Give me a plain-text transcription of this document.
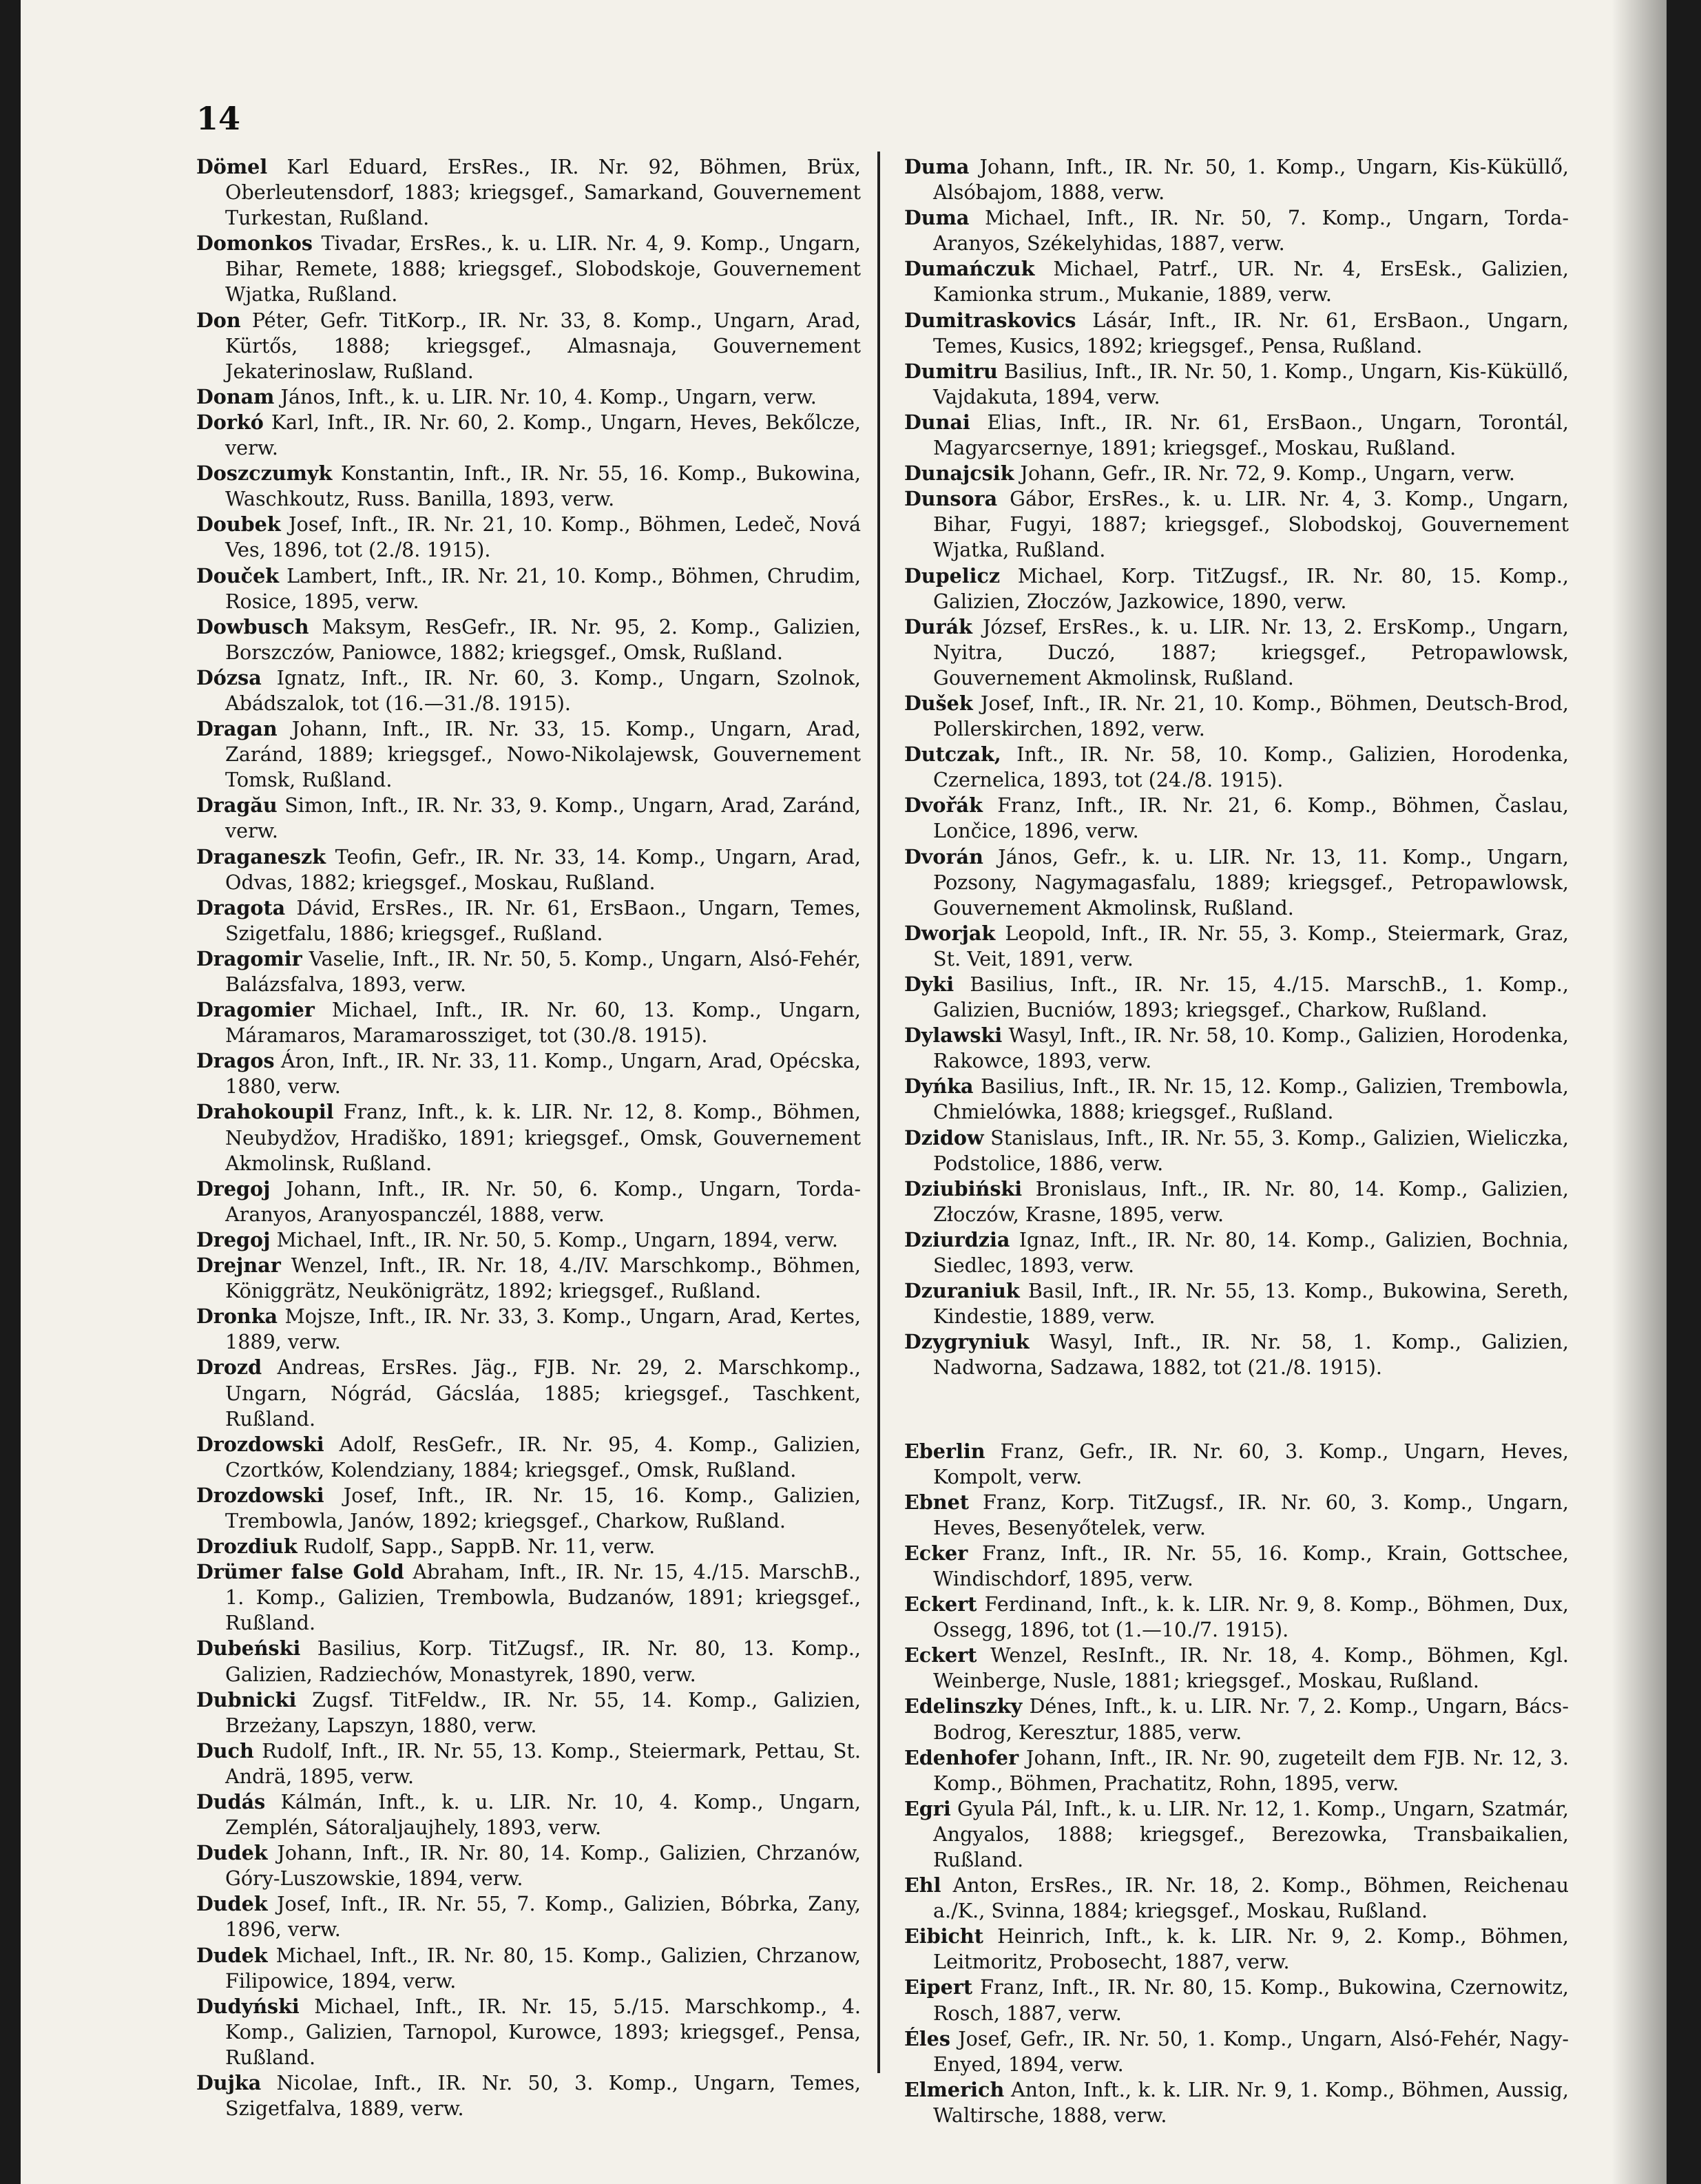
14

Dömel Karl Eduard, ErsRes., IR. Nr. 92, Böhmen, Brüx, Oberleutensdorf, 1883; kriegsgef., Samarkand, Gouvernement Turkestan, Rußland.

Domonkos Tivadar, ErsRes., k. u. LIR. Nr. 4, 9. Komp., Ungarn, Bihar, Remete, 1888; kriegsgef., Slobodskoje, Gouvernement Wjatka, Rußland.

Don Péter, Gefr. TitKorp., IR. Nr. 33, 8. Komp., Ungarn, Arad, Kürtős, 1888; kriegsgef., Almasnaja, Gouvernement Jekaterinoslaw, Rußland.

Donam János, Inft., k. u. LIR. Nr. 10, 4. Komp., Ungarn, verw.

Dorkó Karl, Inft., IR. Nr. 60, 2. Komp., Ungarn, Heves, Bekőlcze, verw.

Doszczumyk Konstantin, Inft., IR. Nr. 55, 16. Komp., Bukowina, Waschkoutz, Russ. Banilla, 1893, verw.

Doubek Josef, Inft., IR. Nr. 21, 10. Komp., Böhmen, Ledeč, Nová Ves, 1896, tot (2./8. 1915).

Douček Lambert, Inft., IR. Nr. 21, 10. Komp., Böhmen, Chrudim, Rosice, 1895, verw.

Dowbusch Maksym, ResGefr., IR. Nr. 95, 2. Komp., Galizien, Borszczów, Paniowce, 1882; kriegsgef., Omsk, Rußland.

Dózsa Ignatz, Inft., IR. Nr. 60, 3. Komp., Ungarn, Szolnok, Abádszalok, tot (16.—31./8. 1915).

Dragan Johann, Inft., IR. Nr. 33, 15. Komp., Ungarn, Arad, Zaránd, 1889; kriegsgef., Nowo-Nikolajewsk, Gouvernement Tomsk, Rußland.

Dragău Simon, Inft., IR. Nr. 33, 9. Komp., Ungarn, Arad, Zaránd, verw.

Draganeszk Teofin, Gefr., IR. Nr. 33, 14. Komp., Ungarn, Arad, Odvas, 1882; kriegsgef., Moskau, Rußland.

Dragota Dávid, ErsRes., IR. Nr. 61, ErsBaon., Ungarn, Temes, Szigetfalu, 1886; kriegsgef., Rußland.

Dragomir Vaselie, Inft., IR. Nr. 50, 5. Komp., Ungarn, Alsó-Fehér, Balázsfalva, 1893, verw.

Dragomier Michael, Inft., IR. Nr. 60, 13. Komp., Ungarn, Máramaros, Maramarossziget, tot (30./8. 1915).

Dragos Áron, Inft., IR. Nr. 33, 11. Komp., Ungarn, Arad, Opécska, 1880, verw.

Drahokoupil Franz, Inft., k. k. LIR. Nr. 12, 8. Komp., Böhmen, Neubydžov, Hradiško, 1891; kriegsgef., Omsk, Gouvernement Akmolinsk, Rußland.

Dregoj Johann, Inft., IR. Nr. 50, 6. Komp., Ungarn, Torda-Aranyos, Aranyospanczél, 1888, verw.

Dregoj Michael, Inft., IR. Nr. 50, 5. Komp., Ungarn, 1894, verw.

Drejnar Wenzel, Inft., IR. Nr. 18, 4./IV. Marschkomp., Böhmen, Königgrätz, Neukönigrätz, 1892; kriegsgef., Rußland.

Dronka Mojsze, Inft., IR. Nr. 33, 3. Komp., Ungarn, Arad, Kertes, 1889, verw.

Drozd Andreas, ErsRes. Jäg., FJB. Nr. 29, 2. Marschkomp., Ungarn, Nógrád, Gácsláa, 1885; kriegsgef., Taschkent, Rußland.

Drozdowski Adolf, ResGefr., IR. Nr. 95, 4. Komp., Galizien, Czortków, Kolendziany, 1884; kriegsgef., Omsk, Rußland.

Drozdowski Josef, Inft., IR. Nr. 15, 16. Komp., Galizien, Trembowla, Janów, 1892; kriegsgef., Charkow, Rußland.

Drozdiuk Rudolf, Sapp., SappB. Nr. 11, verw.

Drümer false Gold Abraham, Inft., IR. Nr. 15, 4./15. MarschB., 1. Komp., Galizien, Trembowla, Budzanów, 1891; kriegsgef., Rußland.

Dubeński Basilius, Korp. TitZugsf., IR. Nr. 80, 13. Komp., Galizien, Radziechów, Monastyrek, 1890, verw.

Dubnicki Zugsf. TitFeldw., IR. Nr. 55, 14. Komp., Galizien, Brzeżany, Lapszyn, 1880, verw.

Duch Rudolf, Inft., IR. Nr. 55, 13. Komp., Steiermark, Pettau, St. Andrä, 1895, verw.

Dudás Kálmán, Inft., k. u. LIR. Nr. 10, 4. Komp., Ungarn, Zemplén, Sátoraljaujhely, 1893, verw.

Dudek Johann, Inft., IR. Nr. 80, 14. Komp., Galizien, Chrzanów, Góry-Luszowskie, 1894, verw.

Dudek Josef, Inft., IR. Nr. 55, 7. Komp., Galizien, Bóbrka, Zany, 1896, verw.

Dudek Michael, Inft., IR. Nr. 80, 15. Komp., Galizien, Chrzanow, Filipowice, 1894, verw.

Dudyński Michael, Inft., IR. Nr. 15, 5./15. Marschkomp., 4. Komp., Galizien, Tarnopol, Kurowce, 1893; kriegsgef., Pensa, Rußland.

Dujka Nicolae, Inft., IR. Nr. 50, 3. Komp., Ungarn, Temes, Szigetfalva, 1889, verw.

Duma Johann, Inft., IR. Nr. 50, 1. Komp., Ungarn, Kis-Küküllő, Alsóbajom, 1888, verw.

Duma Michael, Inft., IR. Nr. 50, 7. Komp., Ungarn, Torda-Aranyos, Székelyhidas, 1887, verw.

Dumańczuk Michael, Patrf., UR. Nr. 4, ErsEsk., Galizien, Kamionka strum., Mukanie, 1889, verw.

Dumitraskovics Lásár, Inft., IR. Nr. 61, ErsBaon., Ungarn, Temes, Kusics, 1892; kriegsgef., Pensa, Rußland.

Dumitru Basilius, Inft., IR. Nr. 50, 1. Komp., Ungarn, Kis-Küküllő, Vajdakuta, 1894, verw.

Dunai Elias, Inft., IR. Nr. 61, ErsBaon., Ungarn, Torontál, Magyarcsernye, 1891; kriegsgef., Moskau, Rußland.

Dunajcsik Johann, Gefr., IR. Nr. 72, 9. Komp., Ungarn, verw.

Dunsora Gábor, ErsRes., k. u. LIR. Nr. 4, 3. Komp., Ungarn, Bihar, Fugyi, 1887; kriegsgef., Slobodskoj, Gouvernement Wjatka, Rußland.

Dupelicz Michael, Korp. TitZugsf., IR. Nr. 80, 15. Komp., Galizien, Złoczów, Jazkowice, 1890, verw.

Durák József, ErsRes., k. u. LIR. Nr. 13, 2. ErsKomp., Ungarn, Nyitra, Duczó, 1887; kriegsgef., Petropawlowsk, Gouvernement Akmolinsk, Rußland.

Dušek Josef, Inft., IR. Nr. 21, 10. Komp., Böhmen, Deutsch-Brod, Pollerskirchen, 1892, verw.

Dutczak, Inft., IR. Nr. 58, 10. Komp., Galizien, Horodenka, Czernelica, 1893, tot (24./8. 1915).

Dvořák Franz, Inft., IR. Nr. 21, 6. Komp., Böhmen, Časlau, Lončice, 1896, verw.

Dvorán János, Gefr., k. u. LIR. Nr. 13, 11. Komp., Ungarn, Pozsony, Nagymagasfalu, 1889; kriegsgef., Petropawlowsk, Gouvernement Akmolinsk, Rußland.

Dworjak Leopold, Inft., IR. Nr. 55, 3. Komp., Steiermark, Graz, St. Veit, 1891, verw.

Dyki Basilius, Inft., IR. Nr. 15, 4./15. MarschB., 1. Komp., Galizien, Bucniów, 1893; kriegsgef., Charkow, Rußland.

Dylawski Wasyl, Inft., IR. Nr. 58, 10. Komp., Galizien, Horodenka, Rakowce, 1893, verw.

Dyńka Basilius, Inft., IR. Nr. 15, 12. Komp., Galizien, Trembowla, Chmielówka, 1888; kriegsgef., Rußland.

Dzidow Stanislaus, Inft., IR. Nr. 55, 3. Komp., Galizien, Wieliczka, Podstolice, 1886, verw.

Dziubiński Bronislaus, Inft., IR. Nr. 80, 14. Komp., Galizien, Złoczów, Krasne, 1895, verw.

Dziurdzia Ignaz, Inft., IR. Nr. 80, 14. Komp., Galizien, Bochnia, Siedlec, 1893, verw.

Dzuraniuk Basil, Inft., IR. Nr. 55, 13. Komp., Bukowina, Sereth, Kindestie, 1889, verw.

Dzygryniuk Wasyl, Inft., IR. Nr. 58, 1. Komp., Galizien, Nadworna, Sadzawa, 1882, tot (21./8. 1915).

Eberlin Franz, Gefr., IR. Nr. 60, 3. Komp., Ungarn, Heves, Kompolt, verw.

Ebnet Franz, Korp. TitZugsf., IR. Nr. 60, 3. Komp., Ungarn, Heves, Besenyőtelek, verw.

Ecker Franz, Inft., IR. Nr. 55, 16. Komp., Krain, Gottschee, Windischdorf, 1895, verw.

Eckert Ferdinand, Inft., k. k. LIR. Nr. 9, 8. Komp., Böhmen, Dux, Ossegg, 1896, tot (1.—10./7. 1915).

Eckert Wenzel, ResInft., IR. Nr. 18, 4. Komp., Böhmen, Kgl. Weinberge, Nusle, 1881; kriegsgef., Moskau, Rußland.

Edelinszky Dénes, Inft., k. u. LIR. Nr. 7, 2. Komp., Ungarn, Bács-Bodrog, Keresztur, 1885, verw.

Edenhofer Johann, Inft., IR. Nr. 90, zugeteilt dem FJB. Nr. 12, 3. Komp., Böhmen, Prachatitz, Rohn, 1895, verw.

Egri Gyula Pál, Inft., k. u. LIR. Nr. 12, 1. Komp., Ungarn, Szatmár, Angyalos, 1888; kriegsgef., Berezowka, Transbaikalien, Rußland.

Ehl Anton, ErsRes., IR. Nr. 18, 2. Komp., Böhmen, Reichenau a./K., Svinna, 1884; kriegsgef., Moskau, Rußland.

Eibicht Heinrich, Inft., k. k. LIR. Nr. 9, 2. Komp., Böhmen, Leitmoritz, Probosecht, 1887, verw.

Eipert Franz, Inft., IR. Nr. 80, 15. Komp., Bukowina, Czernowitz, Rosch, 1887, verw.

Éles Josef, Gefr., IR. Nr. 50, 1. Komp., Ungarn, Alsó-Fehér, Nagy-Enyed, 1894, verw.

Elmerich Anton, Inft., k. k. LIR. Nr. 9, 1. Komp., Böhmen, Aussig, Waltirsche, 1888, verw.
